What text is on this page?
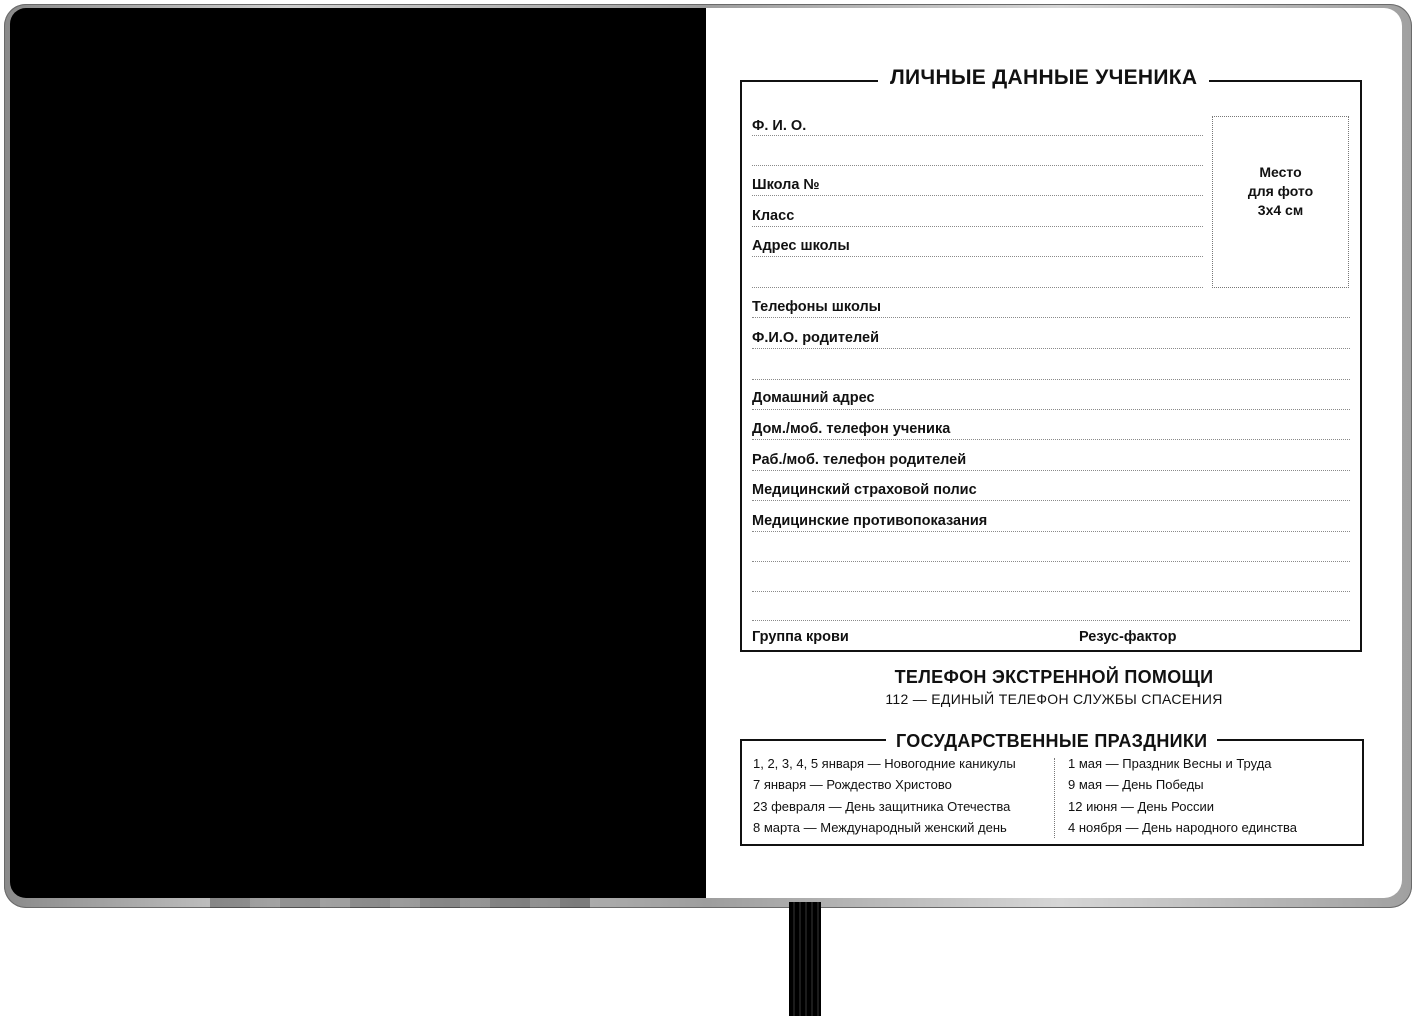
ЛИЧНЫЕ ДАННЫЕ УЧЕНИКА
Место
для фото
3x4 см
Ф. И. О.
Школа №
Класс
Адрес школы
Телефоны школы
Ф.И.О. родителей
Домашний адрес
Дом./моб. телефон ученика
Раб./моб. телефон родителей
Медицинский страховой полис
Медицинские противопоказания
Группа крови	Резус-фактор
ТЕЛЕФОН ЭКСТРЕННОЙ ПОМОЩИ
112 — ЕДИНЫЙ ТЕЛЕФОН СЛУЖБЫ СПАСЕНИЯ
ГОСУДАРСТВЕННЫЕ ПРАЗДНИКИ
1, 2, 3, 4, 5 января — Новогодние каникулы
7 января — Рождество Христово
23 февраля — День защитника Отечества
8 марта — Международный женский день
1 мая — Праздник Весны и Труда
9 мая — День Победы
12 июня — День России
4 ноября — День народного единства
